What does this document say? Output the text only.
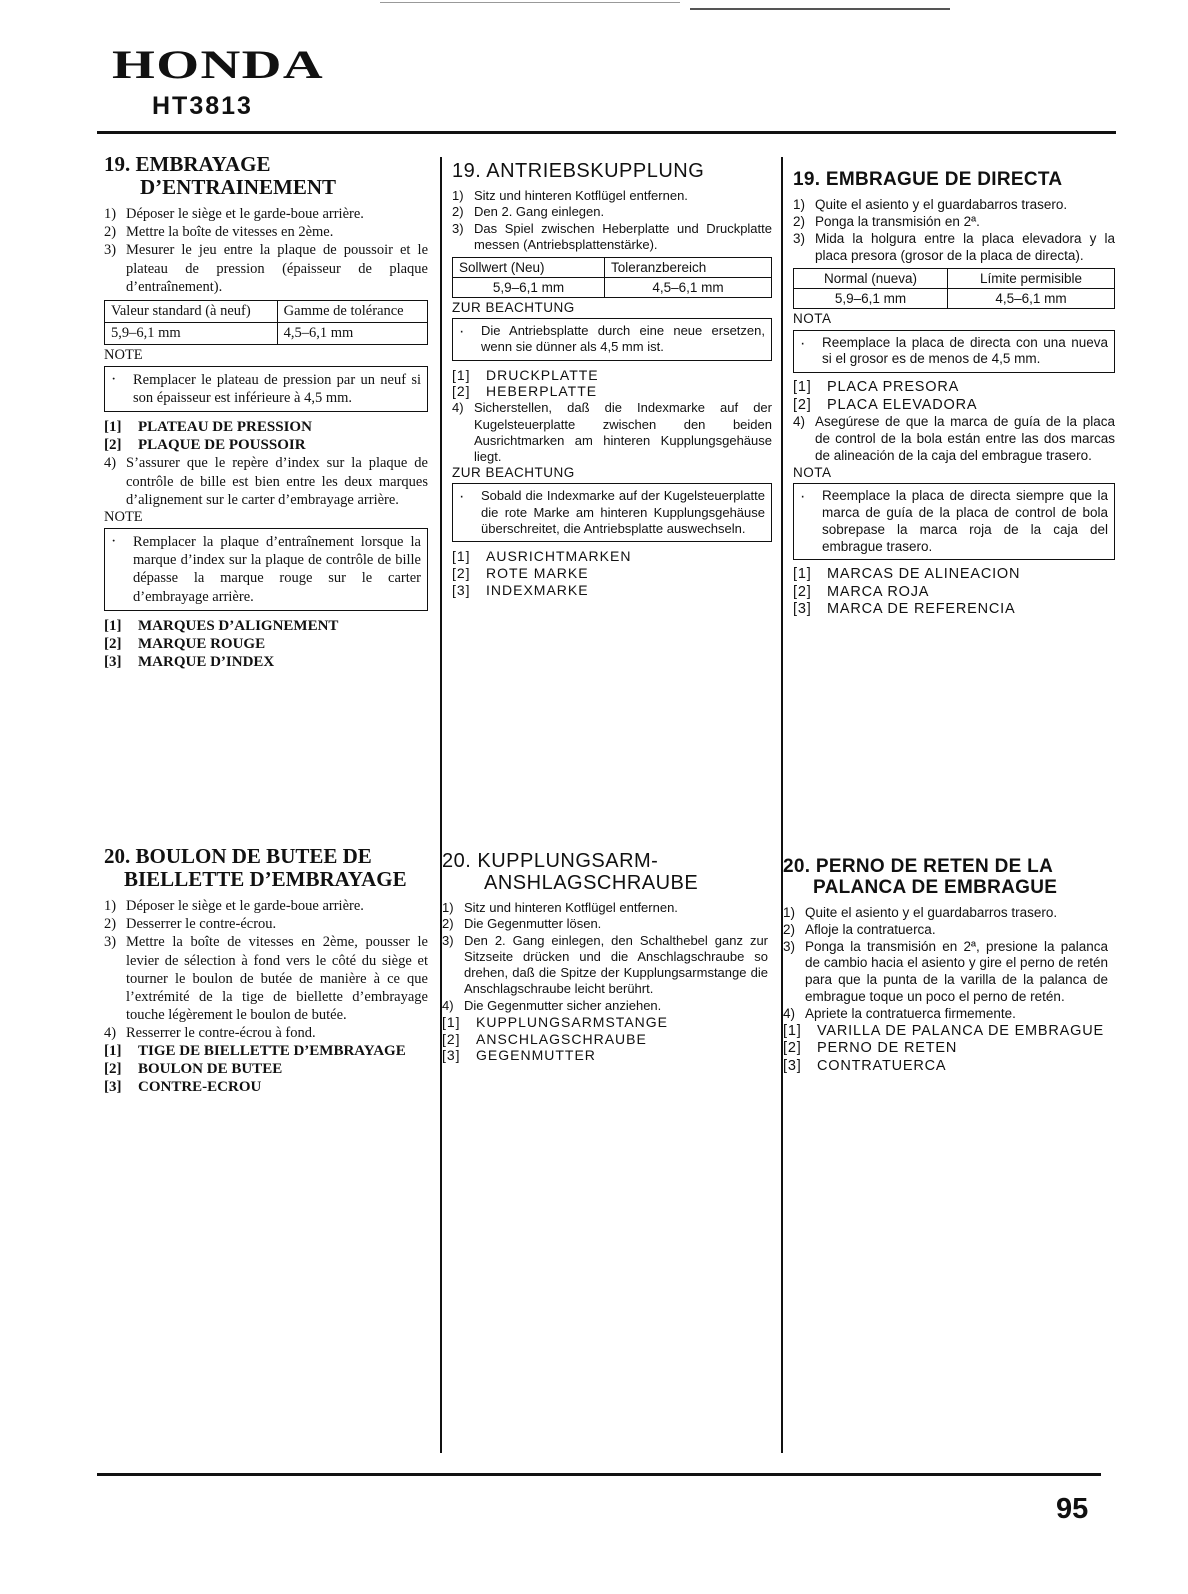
HONDA
HT3813
19. EMBRAYAGE
D’ENTRAINEMENT
1) Déposer le siège et le garde-boue arrière.
2) Mettre la boîte de vitesses en 2ème.
3) Mesurer le jeu entre la plaque de poussoir et le plateau de pression (épaisseur de plaque d’entraînement).
Valeur standard (à neuf)	Gamme de tolérance
5,9–6,1 mm	4,5–6,1 mm
NOTE
·	Remplacer le plateau de pression par un neuf si son épaisseur est inférieure à 4,5 mm.
[1]	PLATEAU DE PRESSION
[2]	PLAQUE DE POUSSOIR
4) S’assurer que le repère d’index sur la plaque de contrôle de bille est bien entre les deux marques d’alignement sur le carter d’embrayage arrière.
NOTE
·	Remplacer la plaque d’entraînement lorsque la marque d’index sur la plaque de contrôle de bille dépasse la marque rouge sur le carter d’embrayage arrière.
[1]	MARQUES D’ALIGNEMENT
[2]	MARQUE ROUGE
[3]	MARQUE D’INDEX
19. ANTRIEBSKUPPLUNG
1) Sitz und hinteren Kotflügel entfernen.
2) Den 2. Gang einlegen.
3) Das Spiel zwischen Heberplatte und Druckplatte messen (Antriebsplattenstärke).
Sollwert (Neu)	Toleranzbereich
5,9–6,1 mm	4,5–6,1 mm
ZUR BEACHTUNG
·	Die Antriebsplatte durch eine neue ersetzen, wenn sie dünner als 4,5 mm ist.
[1]	DRUCKPLATTE
[2]	HEBERPLATTE
4) Sicherstellen, daß die Indexmarke auf der Kugelsteuerplatte zwischen den beiden Ausrichtmarken am hinteren Kupplungsgehäuse liegt.
ZUR BEACHTUNG
·	Sobald die Indexmarke auf der Kugelsteuerplatte die rote Marke am hinteren Kupplungsgehäuse überschreitet, die Antriebsplatte auswechseln.
[1]	AUSRICHTMARKEN
[2]	ROTE MARKE
[3]	INDEXMARKE
19. EMBRAGUE DE DIRECTA
1) Quite el asiento y el guardabarros trasero.
2) Ponga la transmisión en 2ª.
3) Mida la holgura entre la placa elevadora y la placa presora (grosor de la placa de directa).
Normal (nueva)	Límite permisible
5,9–6,1 mm	4,5–6,1 mm
NOTA
·	Reemplace la placa de directa con una nueva si el grosor es de menos de 4,5 mm.
[1]	PLACA PRESORA
[2]	PLACA ELEVADORA
4) Asegúrese de que la marca de guía de la placa de control de la bola están entre las dos marcas de alineación de la caja del embrague trasero.
NOTA
·	Reemplace la placa de directa siempre que la marca de guía de la placa de control de bola sobrepase la marca roja de la caja del embrague trasero.
[1]	MARCAS DE ALINEACION
[2]	MARCA ROJA
[3]	MARCA DE REFERENCIA
20. BOULON DE BUTEE DE
BIELLETTE D’EMBRAYAGE
1) Déposer le siège et le garde-boue arrière.
2) Desserrer le contre-écrou.
3) Mettre la boîte de vitesses en 2ème, pousser le levier de sélection à fond vers le côté du siège et tourner le boulon de butée de manière à ce que l’extrémité de la tige de biellette d’embrayage touche légèrement le boulon de butée.
4) Resserrer le contre-écrou à fond.
[1]	TIGE DE BIELLETTE D’EMBRAYAGE
[2]	BOULON DE BUTEE
[3]	CONTRE-ECROU
20. KUPPLUNGSARM-
ANSHLAGSCHRAUBE
1) Sitz und hinteren Kotflügel entfernen.
2) Die Gegenmutter lösen.
3) Den 2. Gang einlegen, den Schalthebel ganz zur Sitzseite drücken und die Anschlagschraube so drehen, daß die Spitze der Kupplungsarmstange die Anschlagschraube leicht berührt.
4) Die Gegenmutter sicher anziehen.
[1]	KUPPLUNGSARMSTANGE
[2]	ANSCHLAGSCHRAUBE
[3]	GEGENMUTTER
20. PERNO DE RETEN DE LA
PALANCA DE EMBRAGUE
1) Quite el asiento y el guardabarros trasero.
2) Afloje la contratuerca.
3) Ponga la transmisión en 2ª, presione la palanca de cambio hacia el asiento y gire el perno de retén para que la punta de la varilla de la palanca de embrague toque un poco el perno de retén.
4) Apriete la contratuerca firmemente.
[1]	VARILLA DE PALANCA DE EMBRAGUE
[2]	PERNO DE RETEN
[3]	CONTRATUERCA
95
